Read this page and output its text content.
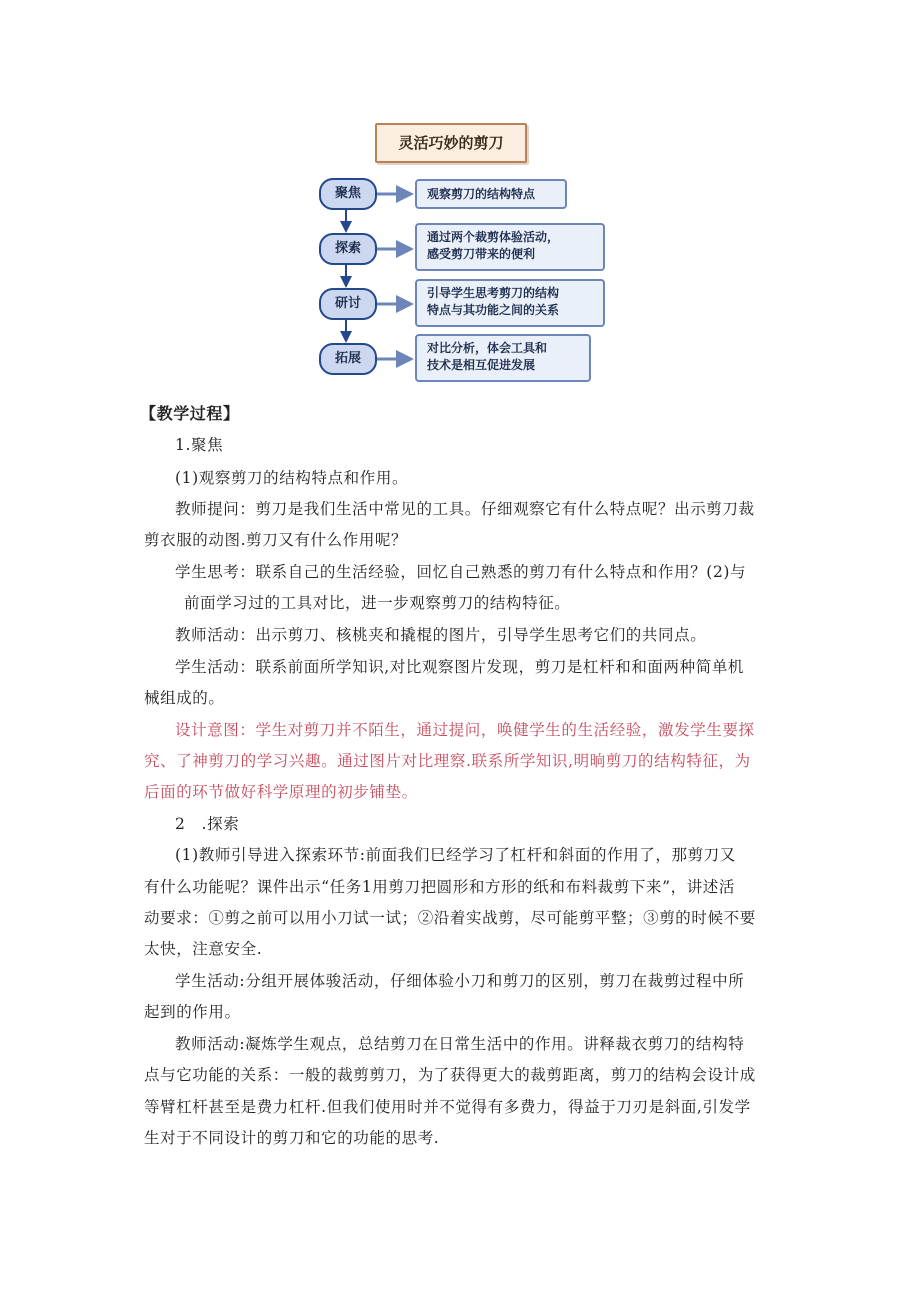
灵活巧妙的剪刀
聚焦	观察剪刀的结构特点
探索
通过两个裁剪体验活动，
感受剪刀带来的便利
研讨
引导学生思考剪刀的结构
特点与其功能之间的关系
拓展
对比分析，体会工具和
技术是相互促进发展

【教学过程】

1.聚焦

(1)观察剪刀的结构特点和作用。

教师提问：剪刀是我们生活中常见的工具。仔细观察它有什么特点呢？出示剪刀裁

剪衣服的动图.剪刀又有什么作用呢？

学生思考：联系自己的生活经验，回忆自己熟悉的剪刀有什么特点和作用？(2)与

前面学习过的工具对比，进一步观察剪刀的结构特征。

教师活动：出示剪刀、核桃夹和撬棍的图片，引导学生思考它们的共同点。

学生活动：联系前面所学知识,对比观察图片发现，剪刀是杠杆和和面两种简单机

械组成的。

设计意图：学生对剪刀并不陌生，通过提问，唤健学生的生活经验，激发学生要探

究、了神剪刀的学习兴趣。通过图片对比理察.联系所学知识,明晌剪刀的结构特征，为

后面的环节做好科学原理的初步铺垫。

2　.探索

(1)教师引导进入探索环节:前面我们巳经学习了杠杆和斜面的作用了，那剪刀又

有什么功能呢？课件出示“任务1用剪刀把圆形和方形的纸和布料裁剪下来”，讲述活

动要求：①剪之前可以用小刀试一试；②沿着实战剪，尽可能剪平整；③剪的时候不要

太快，注意安全.

学生活动:分组开展体骏活动，仔细体验小刀和剪刀的区别，剪刀在裁剪过程中所

起到的作用。

教师活动:凝炼学生观点，总结剪刀在日常生活中的作用。讲释裁衣剪刀的结构特

点与它功能的关系：一般的裁剪剪刀，为了获得更大的裁剪距离，剪刀的结构会设计成

等臂杠杆甚至是费力杠杆.但我们使用时并不觉得有多费力，得益于刀刃是斜面,引发学

生对于不同设计的剪刀和它的功能的思考.
